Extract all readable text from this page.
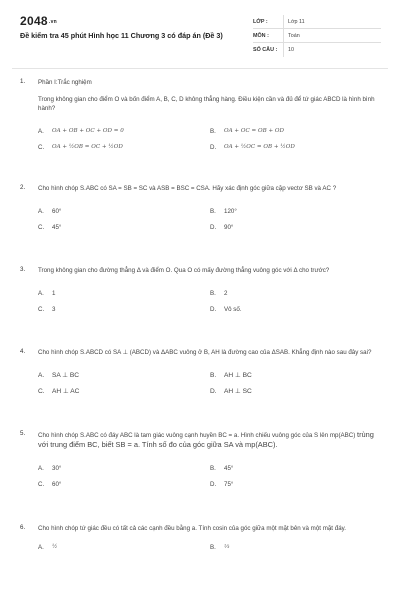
2048.vn
Đề kiểm tra 45 phút Hình học 11 Chương 3 có đáp án (Đề 3)
LỚP :	Lớp 11
MÔN :	Toán
SỐ CÂU :	10
1.	Phần I:Trắc nghiệm
Trong không gian cho điểm O và bốn điểm A, B, C, D không thẳng hàng. Điều kiện cần và đủ để tứ giác ABCD là hình bình hành?
A.	OA + OB + OC + OD = 0	B.	OA + OC = OB + OD
C.	OA + ½OB = OC + ½OD	D.	OA + ½OC = OB + ½OD
2.	Cho hình chóp S.ABC có SA = SB = SC và ASB = BSC = CSA. Hãy xác định góc giữa cặp vectơ SB và AC ?
A.	60°	B.	120°
C.	45°	D.	90°
3.	Trong không gian cho đường thẳng Δ và điểm O. Qua O có mấy đường thẳng vuông góc với Δ cho trước?
A.	1	B.	2
C.	3	D.	Vô số.
4.	Cho hình chóp S.ABCD có SA ⊥ (ABCD) và ΔABC vuông ở B, AH là đường cao của ΔSAB. Khẳng định nào sau đây sai?
A.	SA ⊥ BC	B.	AH ⊥ BC
C.	AH ⊥ AC	D.	AH ⊥ SC
5.	Cho hình chóp S.ABC có đáy ABC là tam giác vuông cạnh huyền BC = a. Hình chiếu vuông góc của S lên mp(ABC) trùng với trung điểm BC, biết SB = a. Tính số đo của góc giữa SA và mp(ABC).
A.	30°	B.	45°
C.	60°	D.	75°
6.	Cho hình chóp tứ giác đều có tất cả các cạnh đều bằng a. Tính cosin của góc giữa một mặt bên và một mặt đáy.
A.	½	B.	⅓
